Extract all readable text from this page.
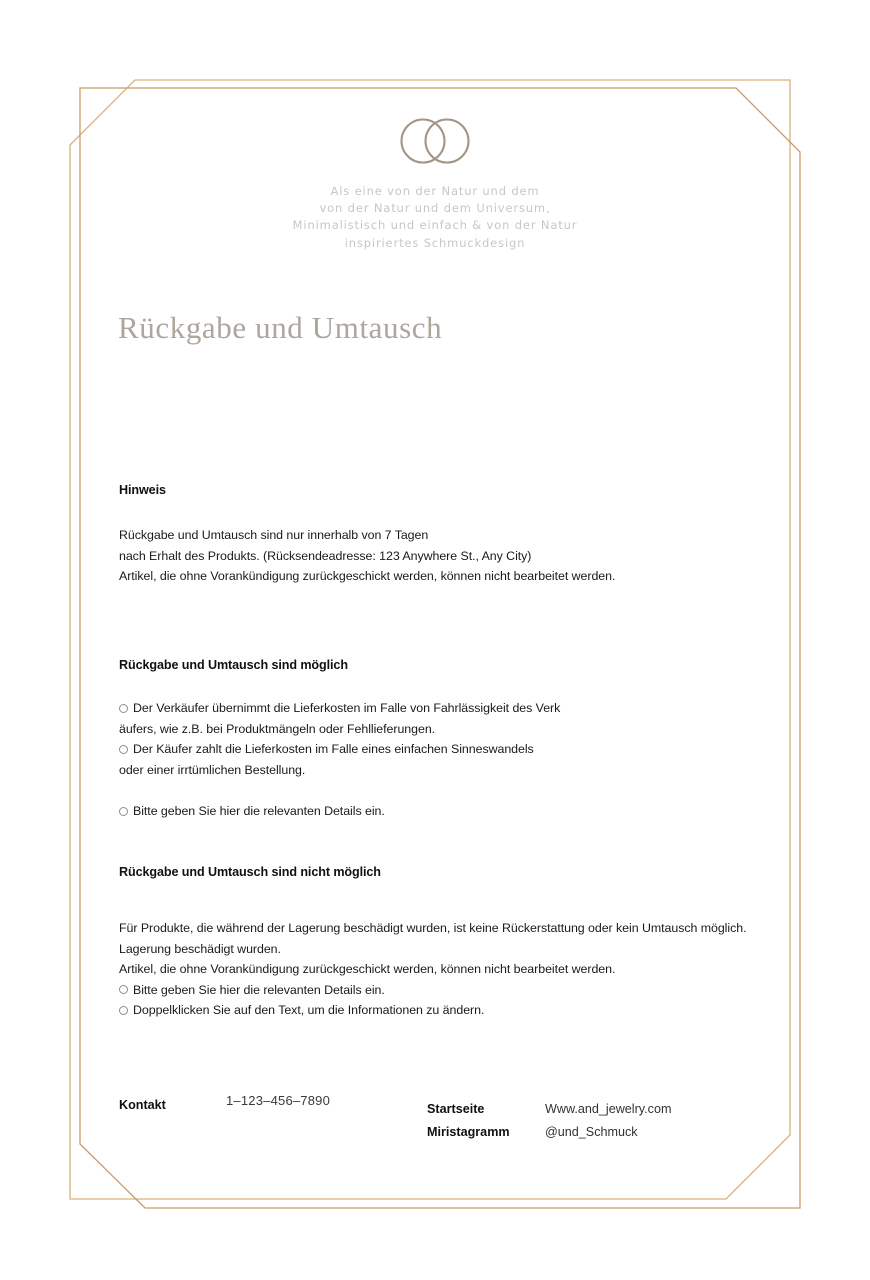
Als eine von der Natur und dem
von der Natur und dem Universum,
Minimalistisch und einfach & von der Natur
inspiriertes Schmuckdesign
Rückgabe und Umtausch
Hinweis
Rückgabe und Umtausch sind nur innerhalb von 7 Tagen
nach Erhalt des Produkts. (Rücksendeadresse: 123 Anywhere St., Any City)
Artikel, die ohne Vorankündigung zurückgeschickt werden, können nicht bearbeitet werden.
Rückgabe und Umtausch sind möglich
Der Verkäufer übernimmt die Lieferkosten im Falle von Fahrlässigkeit des Verk
äufers, wie z.B. bei Produktmängeln oder Fehllieferungen.
Der Käufer zahlt die Lieferkosten im Falle eines einfachen Sinneswandels
oder einer irrtümlichen Bestellung.
Bitte geben Sie hier die relevanten Details ein.
Rückgabe und Umtausch sind nicht möglich
Für Produkte, die während der Lagerung beschädigt wurden, ist keine Rückerstattung oder kein Umtausch möglich.
Lagerung beschädigt wurden.
Artikel, die ohne Vorankündigung zurückgeschickt werden, können nicht bearbeitet werden.
Bitte geben Sie hier die relevanten Details ein.
Doppelklicken Sie auf den Text, um die Informationen zu ändern.
Kontakt	1–123–456–7890
Startseite
Miristagramm
Www.and_jewelry.com
@und_Schmuck
